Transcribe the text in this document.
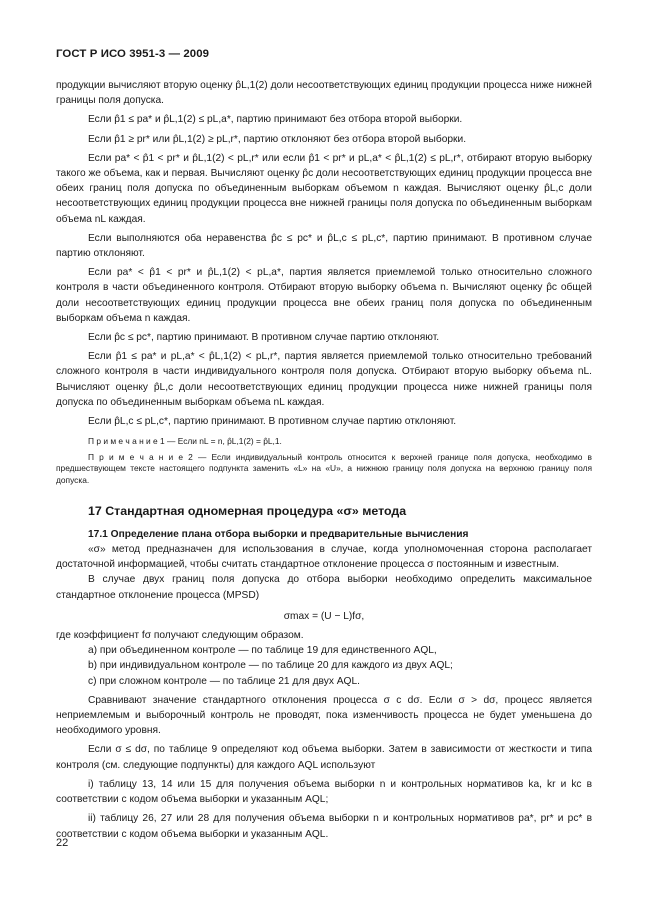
ГОСТ Р ИСО 3951-3 — 2009

продукции вычисляют вторую оценку p̂L,1(2) доли несоответствующих единиц продукции процесса ниже нижней границы поля допуска.

Если p̂1 ≤ pa* и p̂L,1(2) ≤ pL,a*, партию принимают без отбора второй выборки.

Если p̂1 ≥ pr* или p̂L,1(2) ≥ pL,r*, партию отклоняют без отбора второй выборки.

Если pa* < p̂1 < pr* и p̂L,1(2) < pL,r* или если p̂1 < pr* и pL,a* < p̂L,1(2) ≤ pL,r*, отбирают вторую выборку такого же объема, как и первая. Вычисляют оценку p̂c доли несоответствующих единиц продукции процесса вне обеих границ поля допуска по объединенным выборкам объемом n каждая. Вычисляют оценку p̂L,c доли несоответствующих единиц продукции процесса вне нижней границы поля допуска по объединенным выборкам объема nL каждая.

Если выполняются оба неравенства p̂c ≤ pc* и p̂L,c ≤ pL,c*, партию принимают. В противном случае партию отклоняют.

Если pa* < p̂1 < pr* и p̂L,1(2) < pL,a*, партия является приемлемой только относительно сложного контроля в части объединенного контроля. Отбирают вторую выборку объема n. Вычисляют оценку p̂c общей доли несоответствующих единиц продукции процесса вне обеих границ поля допуска по объединенным выборкам объема n каждая.

Если p̂c ≤ pc*, партию принимают. В противном случае партию отклоняют.

Если p̂1 ≤ pa* и pL,a* < p̂L,1(2) < pL,r*, партия является приемлемой только относительно требований сложного контроля в части индивидуального контроля поля допуска. Отбирают вторую выборку объема nL. Вычисляют оценку p̂L,c доли несоответствующих единиц продукции процесса ниже нижней границы поля допуска по объединенным выборкам объема nL каждая.

Если p̂L,c ≤ pL,c*, партию принимают. В противном случае партию отклоняют.

П р и м е ч а н и е 1 — Если nL = n, p̂L,1(2) = p̂L,1.

П р и м е ч а н и е 2 — Если индивидуальный контроль относится к верхней границе поля допуска, необходимо в предшествующем тексте настоящего подпункта заменить «L» на «U», а нижнюю границу поля допуска на верхнюю границу поля допуска.

17 Стандартная одномерная процедура «σ» метода

17.1 Определение плана отбора выборки и предварительные вычисления

«σ» метод предназначен для использования в случае, когда уполномоченная сторона располагает достаточной информацией, чтобы считать стандартное отклонение процесса σ постоянным и известным.

В случае двух границ поля допуска до отбора выборки необходимо определить максимальное стандартное отклонение процесса (MPSD)

σmax = (U − L)fσ,

где коэффициент fσ получают следующим образом.

a) при объединенном контроле — по таблице 19 для единственного AQL,

b) при индивидуальном контроле — по таблице 20 для каждого из двух AQL;

c) при сложном контроле — по таблице 21 для двух AQL.

Сравнивают значение стандартного отклонения процесса σ с dσ. Если σ > dσ, процесс является неприемлемым и выборочный контроль не проводят, пока изменчивость процесса не будет уменьшена до необходимого уровня.

Если σ ≤ dσ, по таблице 9 определяют код объема выборки. Затем в зависимости от жесткости и типа контроля (см. следующие подпункты) для каждого AQL используют

i) таблицу 13, 14 или 15 для получения объема выборки n и контрольных нормативов ka, kr и kc в соответствии с кодом объема выборки и указанным AQL;

ii) таблицу 26, 27 или 28 для получения объема выборки n и контрольных нормативов pa*, pr* и pc* в соответствии с кодом объема выборки и указанным AQL.

22
